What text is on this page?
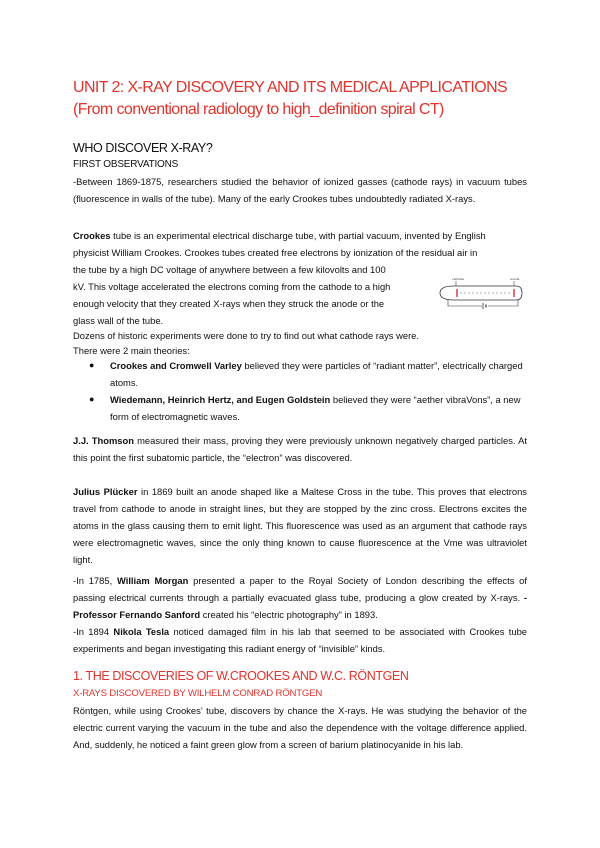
UNIT 2: X-RAY DISCOVERY AND ITS MEDICAL APPLICATIONS
(From conventional radiology to high_definition spiral CT)
WHO DISCOVER X-RAY?
FIRST OBSERVATIONS
-Between 1869-1875, researchers studied the behavior of ionized gasses (cathode rays) in vacuum tubes (fluorescence in walls of the tube). Many of the early Crookes tubes undoubtedly radiated X-rays.
Crookes tube is an experimental electrical discharge tube, with partial vacuum, invented by English
physicist William Crookes. Crookes tubes created free electrons by ionization of the residual air in
the tube by a high DC voltage of anywhere between a few kilovolts and 100
kV. This voltage accelerated the electrons coming from the cathode to a high
enough velocity that they created X-rays when they struck the anode or the
glass wall of the tube.
cathode	anode
Dozens of historic experiments were done to try to find out what cathode rays were.
There were 2 main theories:
● Crookes and Cromwell Varley believed they were particles of “radiant matter”, electrically charged atoms.
● Wiedemann, Heinrich Hertz, and Eugen Goldstein believed they were “aether vibraVons”, a new form of electromagnetic waves.
J.J. Thomson measured their mass, proving they were previously unknown negatively charged particles. At this point the first subatomic particle, the “electron” was discovered.
Julius Plücker in 1869 built an anode shaped like a Maltese Cross in the tube. This proves that electrons travel from cathode to anode in straight lines, but they are stopped by the zinc cross. Electrons excites the atoms in the glass causing them to emit light. This fluorescence was used as an argument that cathode rays were electromagnetic waves, since the only thing known to cause fluorescence at the Vme was ultraviolet light.
-In 1785, William Morgan presented a paper to the Royal Society of London describing the effects of passing electrical currents through a partially evacuated glass tube, producing a glow created by X-rays. -Professor Fernando Sanford created his “electric photography” in 1893.
-In 1894 Nikola Tesla noticed damaged film in his lab that seemed to be associated with Crookes tube experiments and began investigating this radiant energy of “invisible” kinds.
1. THE DISCOVERIES OF W.CROOKES AND W.C. RÖNTGEN
X-RAYS DISCOVERED BY WILHELM CONRAD RÖNTGEN
Röntgen, while using Crookes’ tube, discovers by chance the X-rays. He was studying the behavior of the electric current varying the vacuum in the tube and also the dependence with the voltage difference applied. And, suddenly, he noticed a faint green glow from a screen of barium platinocyanide in his lab.
